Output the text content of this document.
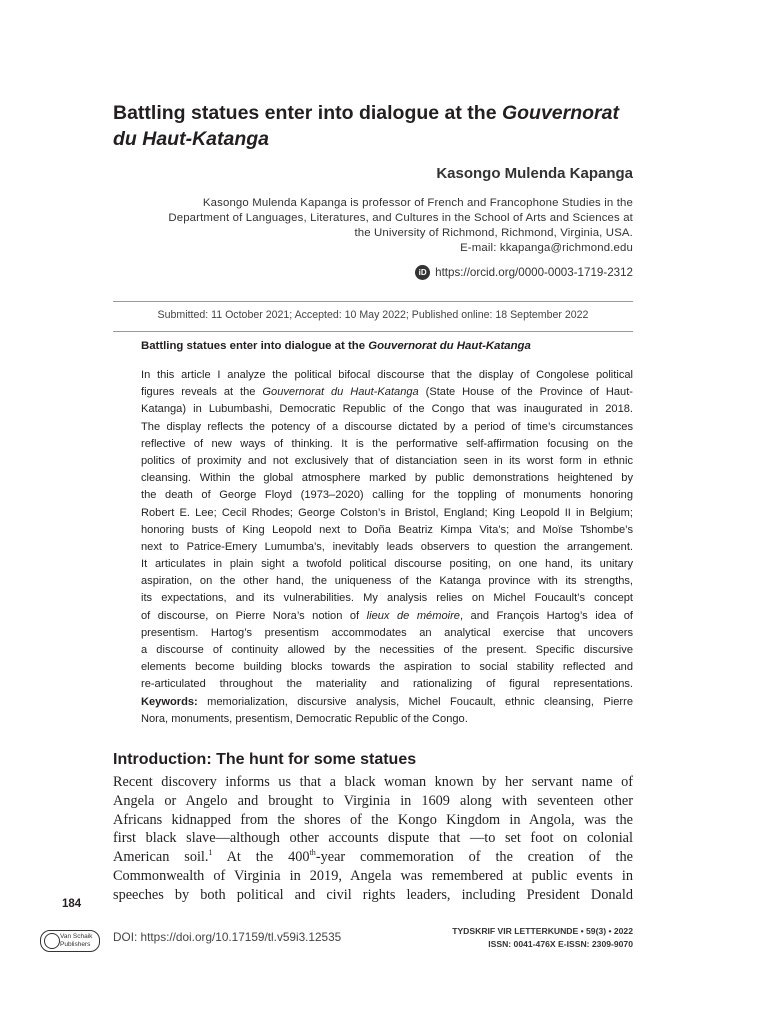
Battling statues enter into dialogue at the Gouvernorat
du Haut-Katanga
Kasongo Mulenda Kapanga
Kasongo Mulenda Kapanga is professor of French and Francophone Studies in the
Department of Languages, Literatures, and Cultures in the School of Arts and Sciences at
the University of Richmond, Richmond, Virginia, USA.
E-mail: kkapanga@richmond.edu
iD https://orcid.org/0000-0003-1719-2312
Submitted: 11 October 2021; Accepted: 10 May 2022; Published online: 18 September 2022
Battling statues enter into dialogue at the Gouvernorat du Haut-Katanga
In this article I analyze the political bifocal discourse that the display of Congolese political
figures reveals at the Gouvernorat du Haut-Katanga (State House of the Province of Haut-
Katanga) in Lubumbashi, Democratic Republic of the Congo that was inaugurated in 2018.
The display reflects the potency of a discourse dictated by a period of time’s circumstances
reflective of new ways of thinking. It is the performative self-affirmation focusing on the
politics of proximity and not exclusively that of distanciation seen in its worst form in ethnic
cleansing. Within the global atmosphere marked by public demonstrations heightened by
the death of George Floyd (1973–2020) calling for the toppling of monuments honoring
Robert E. Lee; Cecil Rhodes; George Colston’s in Bristol, England; King Leopold II in Belgium;
honoring busts of King Leopold next to Doña Beatriz Kimpa Vita’s; and Moïse Tshombe’s
next to Patrice-Emery Lumumba’s, inevitably leads observers to question the arrangement.
It articulates in plain sight a twofold political discourse positing, on one hand, its unitary
aspiration, on the other hand, the uniqueness of the Katanga province with its strengths,
its expectations, and its vulnerabilities. My analysis relies on Michel Foucault’s concept
of discourse, on Pierre Nora’s notion of lieux de mémoire, and François Hartog’s idea of
presentism. Hartog’s presentism accommodates an analytical exercise that uncovers
a discourse of continuity allowed by the necessities of the present. Specific discursive
elements become building blocks towards the aspiration to social stability reflected and
re-articulated throughout the materiality and rationalizing of figural representations.
Keywords: memorialization, discursive analysis, Michel Foucault, ethnic cleansing, Pierre
Nora, monuments, presentism, Democratic Republic of the Congo.
Introduction: The hunt for some statues
Recent discovery informs us that a black woman known by her servant name of
Angela or Angelo and brought to Virginia in 1609 along with seventeen other
Africans kidnapped from the shores of the Kongo Kingdom in Angola, was the
first black slave—although other accounts dispute that —to set foot on colonial
American soil.$^1$ At the 400th-year commemoration of the creation of the
Commonwealth of Virginia in 2019, Angela was remembered at public events in
speeches by both political and civil rights leaders, including President Donald
184
Van Schaik
Publishers DOI: https://doi.org/10.17159/tl.v59i3.12535	TYDSKRIF VIR LETTERKUNDE • 59(3) • 2022
ISSN: 0041-476X E-ISSN: 2309-9070
